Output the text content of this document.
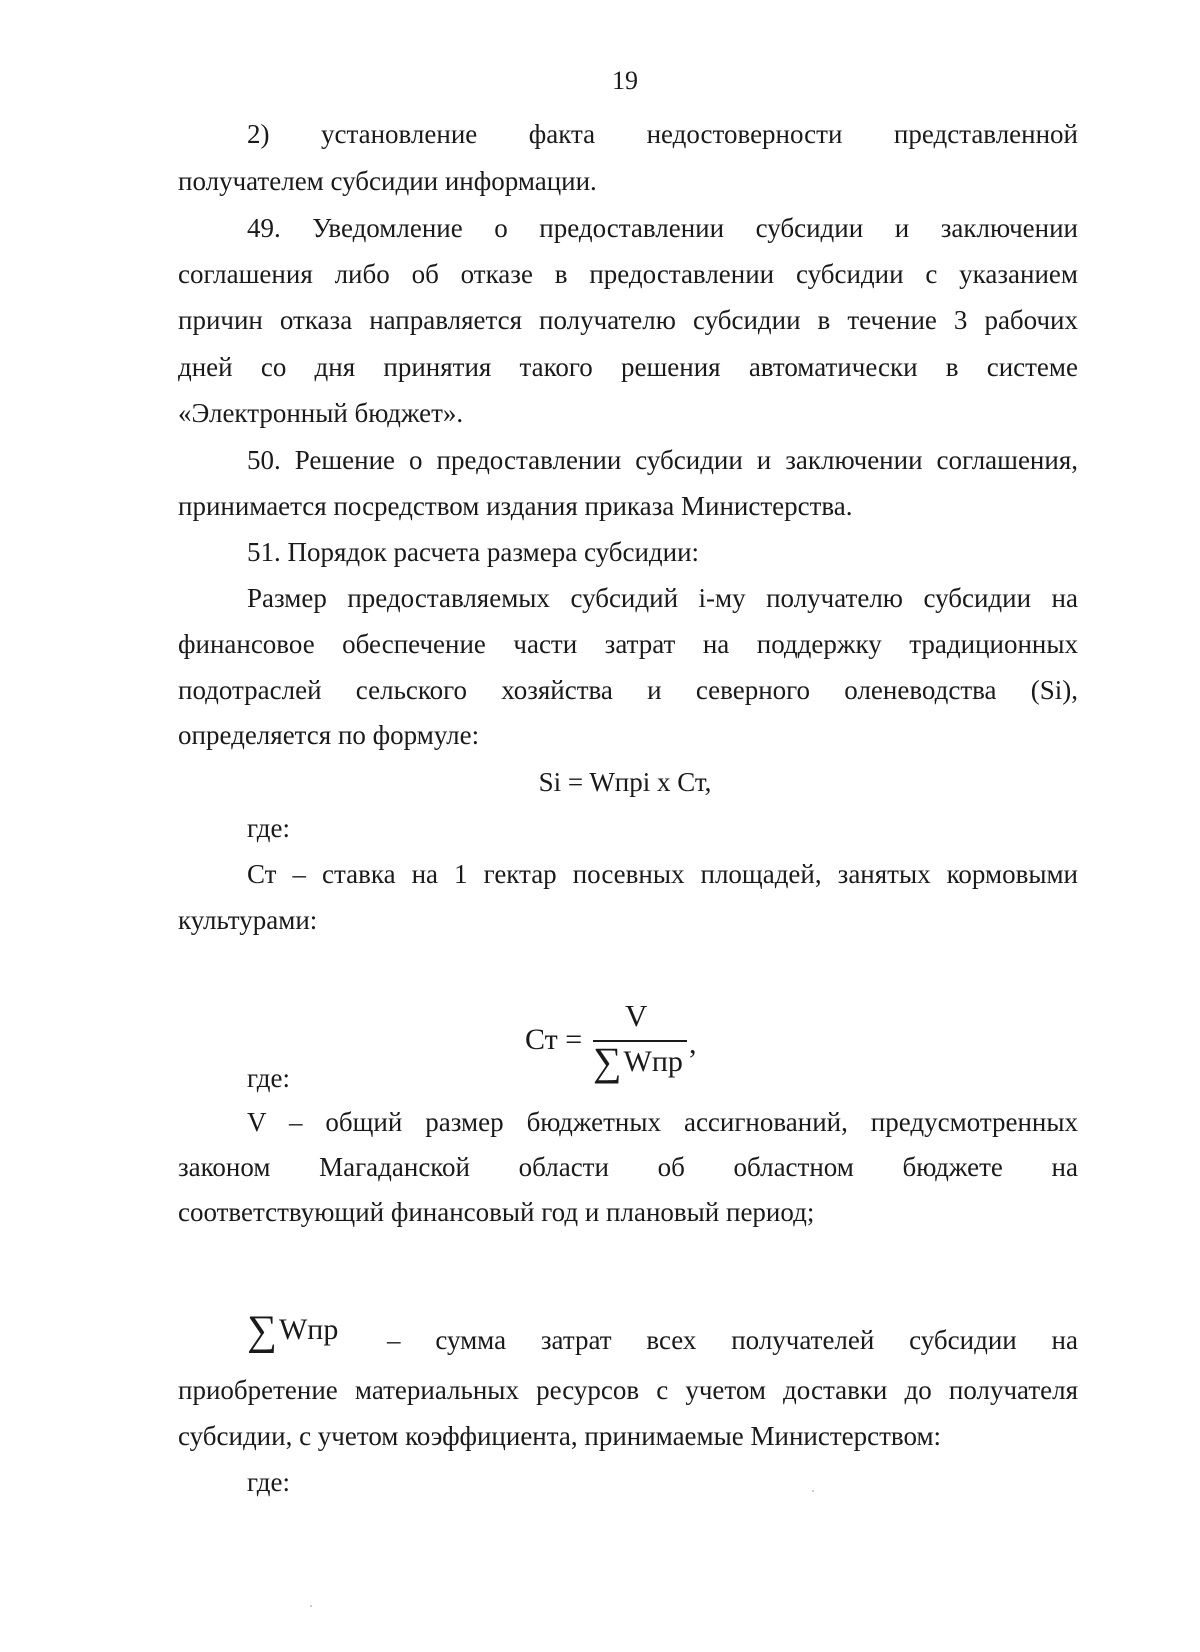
19
2) установление факта недостоверности представленной
получателем субсидии информации.
49. Уведомление о предоставлении субсидии и заключении
соглашения либо об отказе в предоставлении субсидии с указанием
причин отказа направляется получателю субсидии в течение 3 рабочих
дней со дня принятия такого решения автоматически в системе
«Электронный бюджет».
50. Решение о предоставлении субсидии и заключении соглашения,
принимается посредством издания приказа Министерства.
51. Порядок расчета размера субсидии:
Размер предоставляемых субсидий i-му получателю субсидии на
финансовое обеспечение части затрат на поддержку традиционных
подотраслей сельского хозяйства и северного оленеводства (Si),
определяется по формуле:
Si = Wпрi x Ст,
где:
Ст – ставка на 1 гектар посевных площадей, занятых кормовыми
культурами:
Ст =
V
∑Wпр
,
где:
V – общий размер бюджетных ассигнований, предусмотренных
законом Магаданской области об областном бюджете на
соответствующий финансовый год и плановый период;
∑Wпр – сумма затрат всех получателей субсидии на
приобретение материальных ресурсов с учетом доставки до получателя
субсидии, с учетом коэффициента, принимаемые Министерством:
где:
